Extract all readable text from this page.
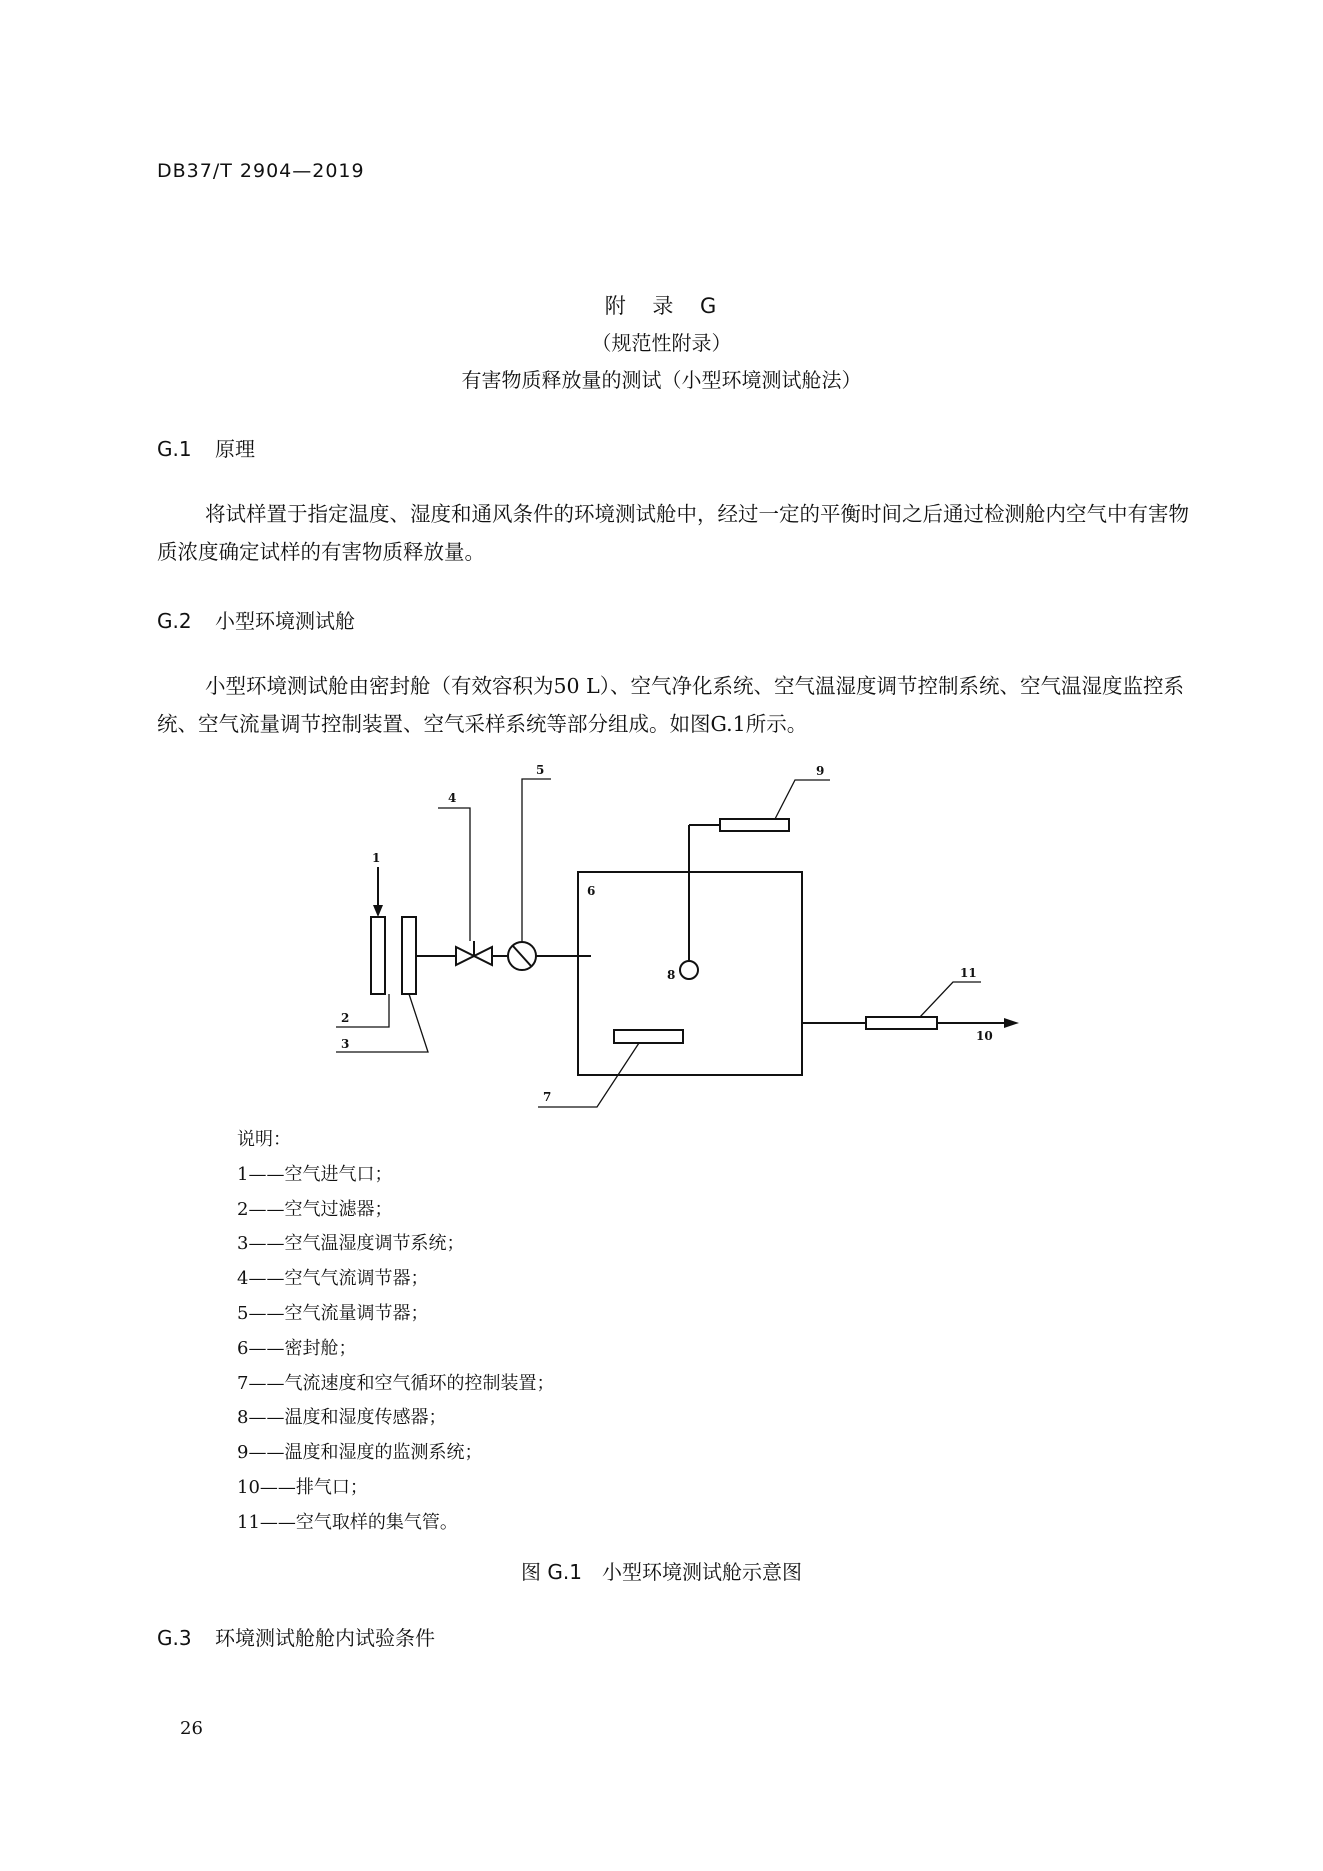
DB37/T 2904—2019
附 录 G
（规范性附录）
有害物质释放量的测试（小型环境测试舱法）
G.1 原理

将试样置于指定温度、湿度和通风条件的环境测试舱中，经过一定的平衡时间之后通过检测舱内空气中有害物质浓度确定试样的有害物质释放量。

G.2 小型环境测试舱

小型环境测试舱由密封舱（有效容积为50 L）、空气净化系统、空气温湿度调节控制系统、空气温湿度监控系统、空气流量调节控制装置、空气采样系统等部分组成。如图G.1所示。

1
2
3
4
5
6
7
8
9
10
11
说明：
1——空气进气口；
2——空气过滤器；
3——空气温湿度调节系统；
4——空气气流调节器；
5——空气流量调节器；
6——密封舱；
7——气流速度和空气循环的控制装置；
8——温度和湿度传感器；
9——温度和湿度的监测系统；
10——排气口；
11——空气取样的集气管。
图 G.1　小型环境测试舱示意图
G.3 环境测试舱舱内试验条件
26
